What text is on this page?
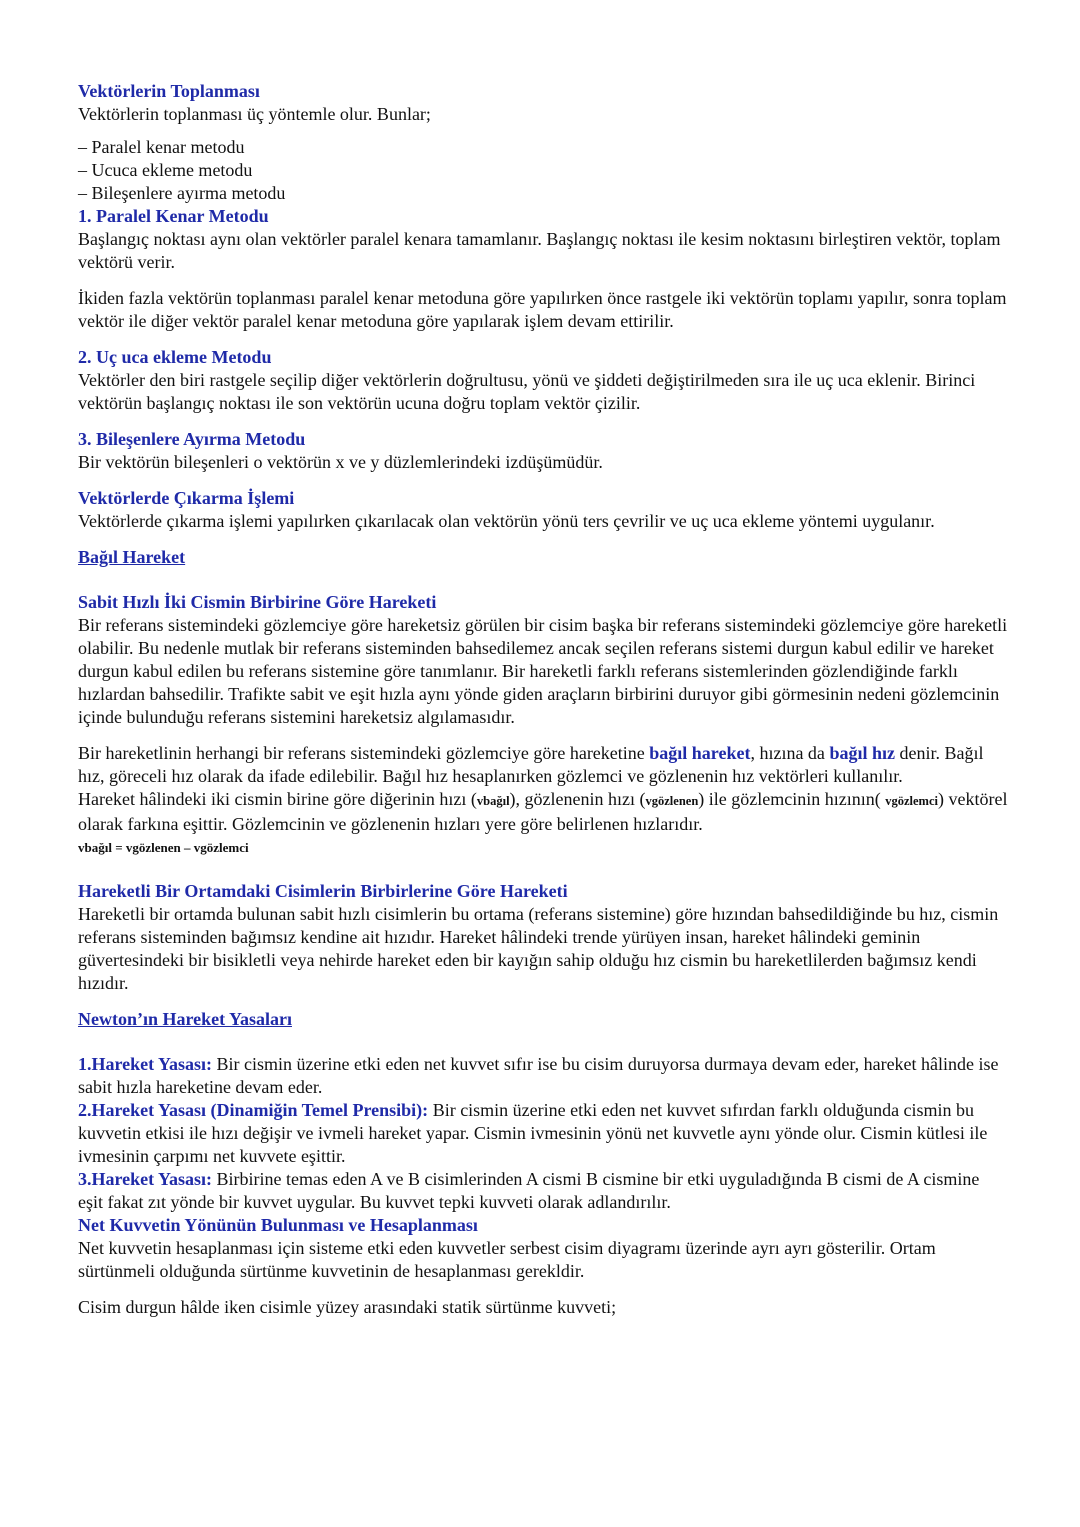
Vektörlerin Toplanması
Vektörlerin toplanması üç yöntemle olur. Bunlar;
– Paralel kenar metodu
– Ucuca ekleme metodu
– Bileşenlere ayırma metodu
1. Paralel Kenar Metodu
Başlangıç noktası aynı olan vektörler paralel kenara tamamlanır. Başlangıç noktası ile kesim noktasını birleştiren vektör, toplam vektörü verir.
İkiden fazla vektörün toplanması paralel kenar metoduna göre yapılırken önce rastgele iki vektörün toplamı yapılır, sonra toplam vektör ile diğer vektör paralel kenar metoduna göre yapılarak işlem devam ettirilir.
2. Uç uca ekleme Metodu
Vektörler den biri rastgele seçilip diğer vektörlerin doğrultusu, yönü ve şiddeti değiştirilmeden sıra ile uç uca eklenir. Birinci vektörün başlangıç noktası ile son vektörün ucuna doğru toplam vektör çizilir.
3. Bileşenlere Ayırma Metodu
Bir vektörün bileşenleri o vektörün x ve y düzlemlerindeki izdüşümüdür.
Vektörlerde Çıkarma İşlemi
Vektörlerde çıkarma işlemi yapılırken çıkarılacak olan vektörün yönü ters çevrilir ve uç uca ekleme yöntemi uygulanır.
Bağıl Hareket
Sabit Hızlı İki Cismin Birbirine Göre Hareketi
Bir referans sistemindeki gözlemciye göre hareketsiz görülen bir cisim başka bir referans sistemindeki gözlemciye göre hareketli olabilir. Bu nedenle mutlak bir referans sisteminden bahsedilemez ancak seçilen referans sistemi durgun kabul edilir ve hareket durgun kabul edilen bu referans sistemine göre tanımlanır. Bir hareketli farklı referans sistemlerinden gözlendiğinde farklı hızlardan bahsedilir. Trafikte sabit ve eşit hızla aynı yönde giden araçların birbirini duruyor gibi görmesinin nedeni gözlemcinin içinde bulunduğu referans sistemini hareketsiz algılamasıdır.
Bir hareketlinin herhangi bir referans sistemindeki gözlemciye göre hareketine bağıl hareket, hızına da bağıl hız denir. Bağıl hız, göreceli hız olarak da ifade edilebilir. Bağıl hız hesaplanırken gözlemci ve gözlenenin hız vektörleri kullanılır.
Hareket hâlindeki iki cismin birine göre diğerinin hızı (vbağıl), gözlenenin hızı (vgözlenen) ile gözlemcinin hızının( vgözlemci) vektörel olarak farkına eşittir. Gözlemcinin ve gözlenenin hızları yere göre belirlenen hızlarıdır.
vbağıl = vgözlenen – vgözlemci
Hareketli Bir Ortamdaki Cisimlerin Birbirlerine Göre Hareketi
Hareketli bir ortamda bulunan sabit hızlı cisimlerin bu ortama (referans sistemine) göre hızından bahsedildiğinde bu hız, cismin referans sisteminden bağımsız kendine ait hızıdır. Hareket hâlindeki trende yürüyen insan, hareket hâlindeki geminin güvertesindeki bir bisikletli veya nehirde hareket eden bir kayığın sahip olduğu hız cismin bu hareketlilerden bağımsız kendi hızıdır.
Newton’ın Hareket Yasaları
1.Hareket Yasası: Bir cismin üzerine etki eden net kuvvet sıfır ise bu cisim duruyorsa durmaya devam eder, hareket hâlinde ise sabit hızla hareketine devam eder.
2.Hareket Yasası (Dinamiğin Temel Prensibi): Bir cismin üzerine etki eden net kuvvet sıfırdan farklı olduğunda cismin bu kuvvetin etkisi ile hızı değişir ve ivmeli hareket yapar. Cismin ivmesinin yönü net kuvvetle aynı yönde olur. Cismin kütlesi ile
ivmesinin çarpımı net kuvvete eşittir.
3.Hareket Yasası: Birbirine temas eden A ve B cisimlerinden A cismi B cismine bir etki uyguladığında B cismi de A cismine eşit fakat zıt yönde bir kuvvet uygular. Bu kuvvet tepki kuvveti olarak adlandırılır.
Net Kuvvetin Yönünün Bulunması ve Hesaplanması
Net kuvvetin hesaplanması için sisteme etki eden kuvvetler serbest cisim diyagramı üzerinde ayrı ayrı gösterilir. Ortam sürtünmeli olduğunda sürtünme kuvvetinin de hesaplanması gerekldir.
Cisim durgun hâlde iken cisimle yüzey arasındaki statik sürtünme kuvveti;
